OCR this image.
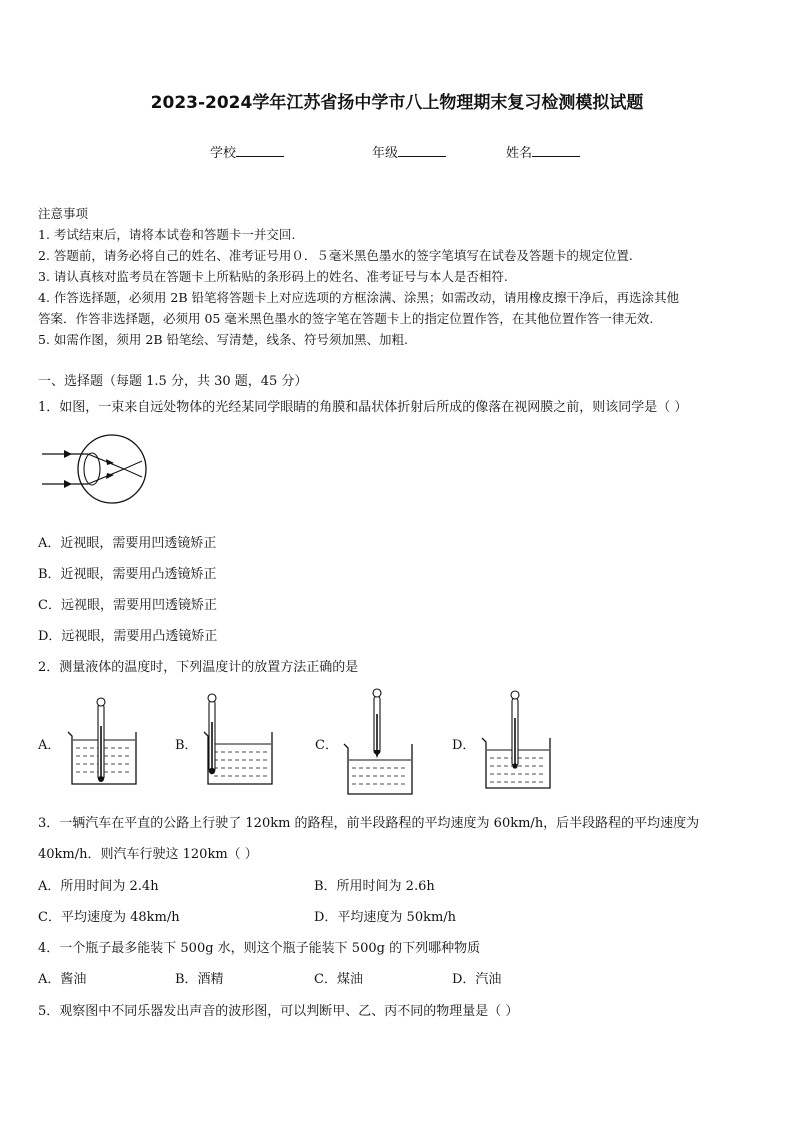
2023-2024学年江苏省扬中学市八上物理期末复习检测模拟试题
学校	年级	姓名
注意事项
1. 考试结束后，请将本试卷和答题卡一并交回.
2. 答题前，请务必将自己的姓名、准考证号用０．５毫米黑色墨水的签字笔填写在试卷及答题卡的规定位置.
3. 请认真核对监考员在答题卡上所粘贴的条形码上的姓名、准考证号与本人是否相符.
4. 作答选择题，必须用 2B 铅笔将答题卡上对应选项的方框涂满、涂黑；如需改动，请用橡皮擦干净后，再选涂其他
答案．作答非选择题，必须用 05 毫米黑色墨水的签字笔在答题卡上的指定位置作答，在其他位置作答一律无效.
5. 如需作图，须用 2B 铅笔绘、写清楚，线条、符号须加黑、加粗.
一、选择题（每题 1.5 分，共 30 题，45 分）
1．如图，一束来自远处物体的光经某同学眼睛的角膜和晶状体折射后所成的像落在视网膜之前，则该同学是（ ）
A．近视眼，需要用凹透镜矫正
B．近视眼，需要用凸透镜矫正
C．远视眼，需要用凹透镜矫正
D．远视眼，需要用凸透镜矫正
2．测量液体的温度时，下列温度计的放置方法正确的是
A．	B．	C．	D．
3．一辆汽车在平直的公路上行驶了 120km 的路程，前半段路程的平均速度为 60km/h，后半段路程的平均速度为
40km/h．则汽车行驶这 120km（ ）
A．所用时间为 2.4h	B．所用时间为 2.6h
C．平均速度为 48km/h	D．平均速度为 50km/h
4．一个瓶子最多能装下 500g 水，则这个瓶子能装下 500g 的下列哪种物质
A．酱油	B．酒精	C．煤油	D．汽油
5．观察图中不同乐器发出声音的波形图，可以判断甲、乙、丙不同的物理量是（ ）
